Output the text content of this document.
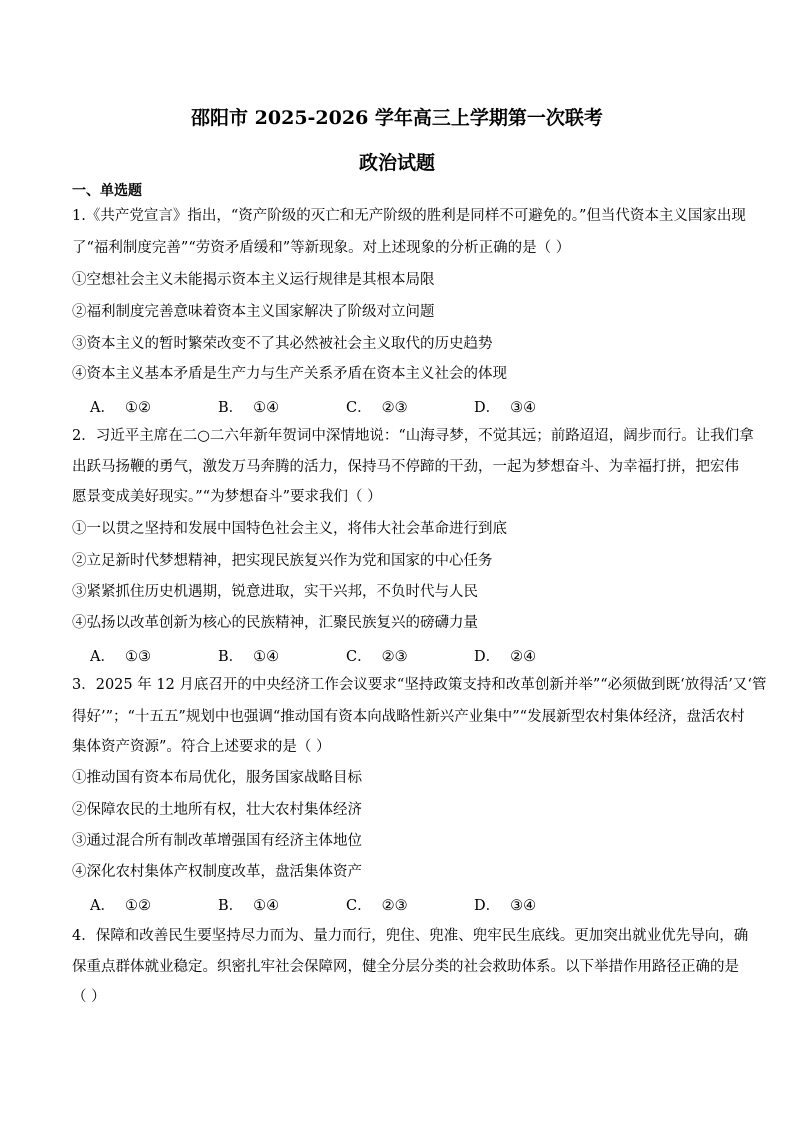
邵阳市 2025-2026 学年高三上学期第一次联考
政治试题
一、单选题
1.《共产党宣言》指出，“资产阶级的灭亡和无产阶级的胜利是同样不可避免的。”但当代资本主义国家出现
了“福利制度完善”“劳资矛盾缓和”等新现象。对上述现象的分析正确的是（ ）
①空想社会主义未能揭示资本主义运行规律是其根本局限
②福利制度完善意味着资本主义国家解决了阶级对立问题
③资本主义的暂时繁荣改变不了其必然被社会主义取代的历史趋势
④资本主义基本矛盾是生产力与生产关系矛盾在资本主义社会的体现
A． ①②	B． ①④	C． ②③	D． ③④
2．习近平主席在二○二六年新年贺词中深情地说：“山海寻梦，不觉其远；前路迢迢，阔步而行。让我们拿
出跃马扬鞭的勇气，激发万马奔腾的活力，保持马不停蹄的干劲，一起为梦想奋斗、为幸福打拼，把宏伟
愿景变成美好现实。”“为梦想奋斗”要求我们（ ）
①一以贯之坚持和发展中国特色社会主义，将伟大社会革命进行到底
②立足新时代梦想精神，把实现民族复兴作为党和国家的中心任务
③紧紧抓住历史机遇期，锐意进取，实干兴邦，不负时代与人民
④弘扬以改革创新为核心的民族精神，汇聚民族复兴的磅礴力量
A． ①③	B． ①④	C． ②③	D． ②④
3．2025 年 12 月底召开的中央经济工作会议要求“坚持政策支持和改革创新并举”“必须做到既‘放得活’又‘管
得好’”；“十五五”规划中也强调“推动国有资本向战略性新兴产业集中”“发展新型农村集体经济，盘活农村
集体资产资源”。符合上述要求的是（ ）
①推动国有资本布局优化，服务国家战略目标
②保障农民的土地所有权，壮大农村集体经济
③通过混合所有制改革增强国有经济主体地位
④深化农村集体产权制度改革，盘活集体资产
A． ①②	B． ①④	C． ②③	D． ③④
4．保障和改善民生要坚持尽力而为、量力而行，兜住、兜准、兜牢民生底线。更加突出就业优先导向，确
保重点群体就业稳定。织密扎牢社会保障网，健全分层分类的社会救助体系。以下举措作用路径正确的是
（ ）
